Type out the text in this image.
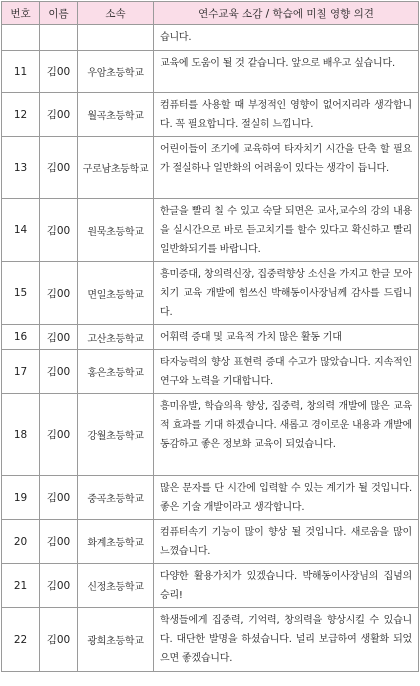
번호	이름	소속	연수교육 소감 / 학습에 미칠 영향 의견
			습니다.
11	김00	우암초등학교	교육에 도움이 될 것 같습니다. 앞으로 배우고 싶습니다.
12	김00	월곡초등학교	컴퓨터를 사용할 때 부정적인 영향이 없어지리라 생각합니다. 꼭 필요합니다. 절실히 느낍니다.
13	김00	구로남초등학교	어린이들이 조기에 교육하여 타자치기 시간을 단축 할 필요가 절실하나 일반화의 어려움이 있다는 생각이 듭니다.
14	김00	원묵초등학교	한글을 빨리 칠 수 있고 숙달 되면은 교사,교수의 강의 내용을 실시간으로 바로 듣고치기를 할수 있다고 확신하고 빨리 일반화되기를 바랍니다.
15	김00	면일초등학교	흥미증대, 창의력신장, 집중력향상 소신을 가지고 한글 모아치기 교육 개발에 힘쓰신 박해동이사장님께 감사를 드립니다.
16	김00	고산초등학교	어휘력 증대 및 교육적 가치 많은 활동 기대
17	김00	홍은초등학교	타자능력의 향상 표현력 증대 수고가 많았습니다. 지속적인 연구와 노력을 기대합니다.
18	김00	강월초등학교	흥미유발, 학습의욕 향상, 집중력, 창의력 개발에 많은 교육적 효과를 기대 하겠습니다. 새롭고 경이로운 내용과 개발에 동감하고 좋은 정보화 교육이 되었습니다.
19	김00	중곡초등학교	많은 문자를 단 시간에 입력할 수 있는 계기가 될 것입니다. 좋은 기술 개발이라고 생각합니다.
20	김00	화계초등학교	컴퓨터속기 기능이 많이 향상 될 것입니다. 새로움을 많이 느꼈습니다.
21	김00	신정초등학교	다양한 활용가치가 있겠습니다. 박해동이사장님의 집념의 승리!
22	김00	광희초등학교	학생들에게 집중력, 기억력, 창의력을 향상시킬 수 있습니다. 대단한 발명을 하셨습니다. 널리 보급하여 생활화 되었으면 좋겠습니다.
